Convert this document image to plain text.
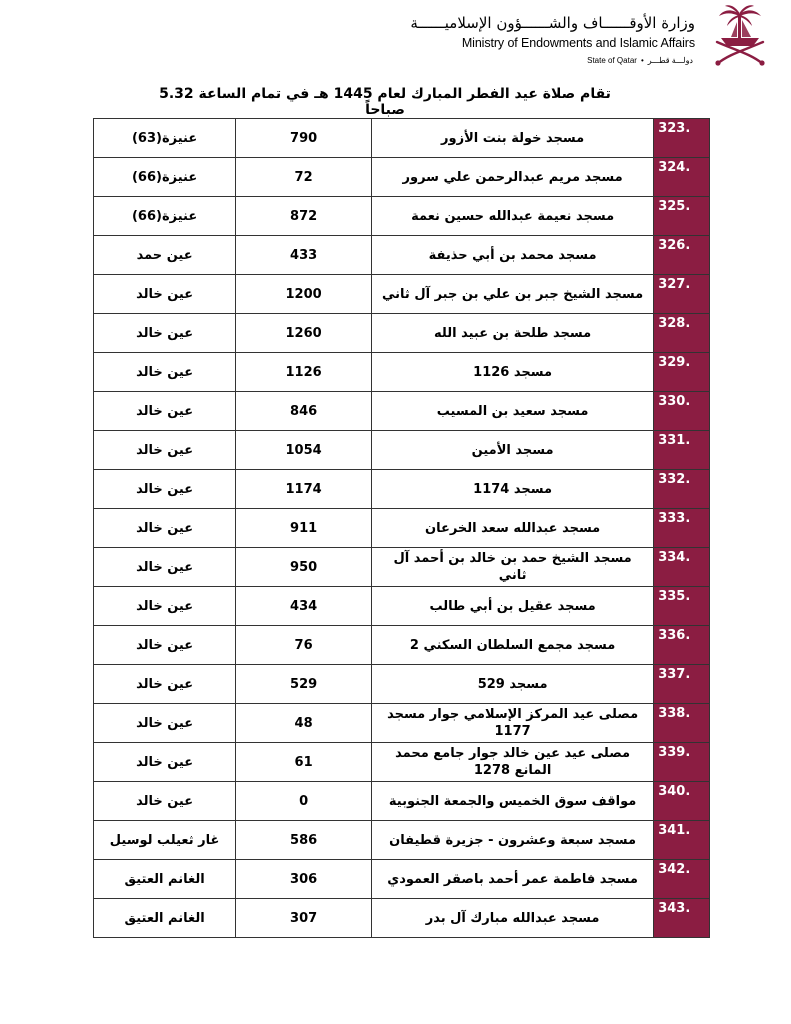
وزارة الأوقــــــاف والشــــــؤون الإسلاميــــــة
Ministry of Endowments and Islamic Affairs
State of Qatar • دولـــة قطـــر
تقام صلاة عيد الفطر المبارك لعام 1445 هـ في تمام الساعة 5.32 صباحاً
323.	مسجد خولة بنت الأزور	790	عنيزة(63)
324.	مسجد مريم عبدالرحمن علي سرور	72	عنيزة(66)
325.	مسجد نعيمة عبدالله حسين نعمة	872	عنيزة(66)
326.	مسجد محمد بن أبي حذيفة	433	عين حمد
327.	مسجد الشيخ جبر بن علي بن جبر آل ثاني	1200	عين خالد
328.	مسجد طلحة بن عبيد الله	1260	عين خالد
329.	مسجد 1126	1126	عين خالد
330.	مسجد سعيد بن المسيب	846	عين خالد
331.	مسجد الأمين	1054	عين خالد
332.	مسجد 1174	1174	عين خالد
333.	مسجد عبدالله سعد الخرعان	911	عين خالد
334.	مسجد الشيخ حمد بن خالد بن أحمد آل ثاني	950	عين خالد
335.	مسجد عقيل بن أبي طالب	434	عين خالد
336.	مسجد مجمع السلطان السكني 2	76	عين خالد
337.	مسجد 529	529	عين خالد
338.	مصلى عيد المركز الإسلامي جوار مسجد 1177	48	عين خالد
339.	مصلى عيد عين خالد جوار جامع محمد المانع 1278	61	عين خالد
340.	مواقف سوق الخميس والجمعة الجنوبية	0	عين خالد
341.	مسجد سبعة وعشرون - جزيرة قطيفان	586	غار ثعيلب لوسيل
342.	مسجد فاطمة عمر أحمد باصقر العمودي	306	الغانم العتيق
343.	مسجد عبدالله مبارك آل بدر	307	الغانم العتيق
